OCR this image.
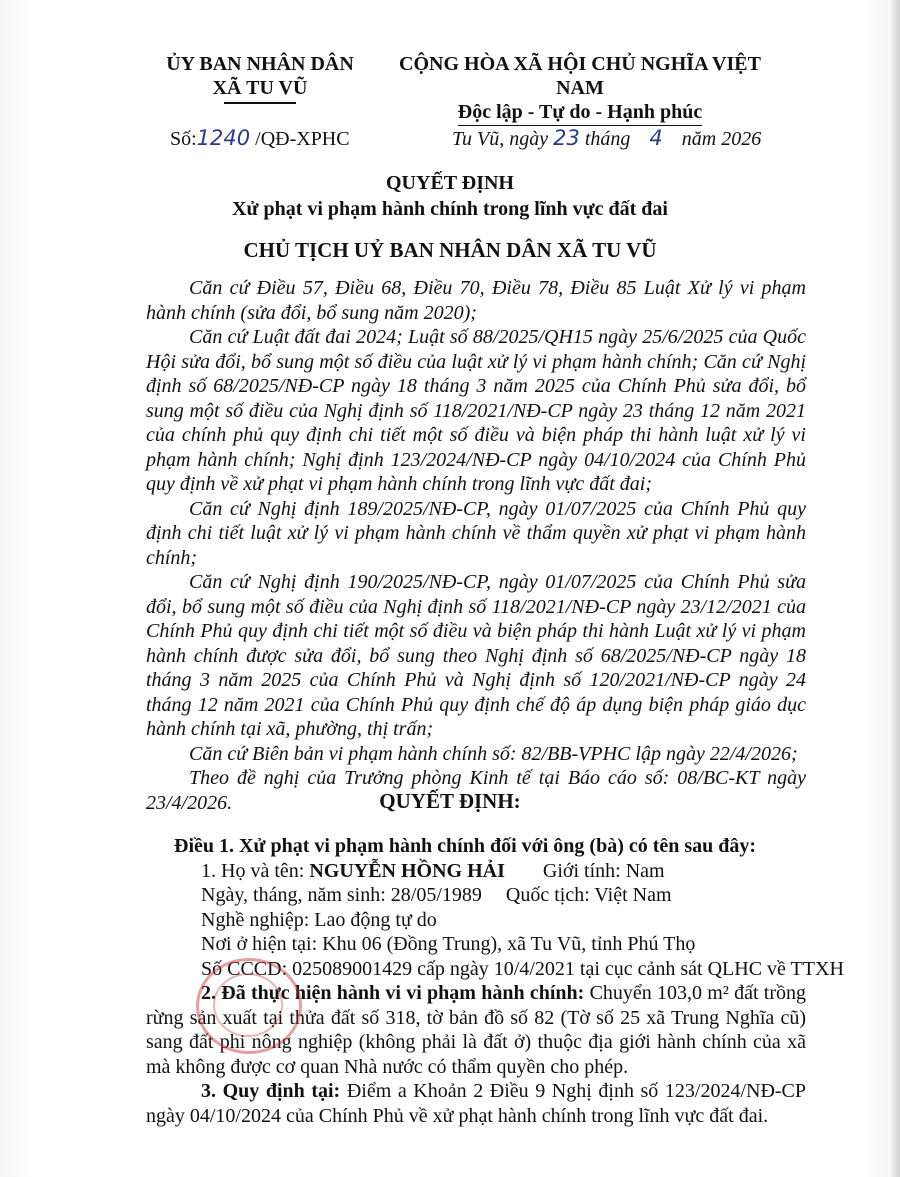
ỦY BAN NHÂN DÂN
XÃ TU VŨ
CỘNG HÒA XÃ HỘI CHỦ NGHĨA VIỆT NAM
Độc lập - Tự do - Hạnh phúc
Số:1240 /QĐ-XPHC	Tu Vũ, ngày 23 tháng 4 năm 2026
QUYẾT ĐỊNH
Xử phạt vi phạm hành chính trong lĩnh vực đất đai
CHỦ TỊCH UỶ BAN NHÂN DÂN XÃ TU VŨ

Căn cứ Điều 57, Điều 68, Điều 70, Điều 78, Điều 85 Luật Xử lý vi phạm hành chính (sửa đổi, bổ sung năm 2020);

Căn cứ Luật đất đai 2024; Luật số 88/2025/QH15 ngày 25/6/2025 của Quốc Hội sửa đổi, bổ sung một số điều của luật xử lý vi phạm hành chính; Căn cứ Nghị định số 68/2025/NĐ-CP ngày 18 tháng 3 năm 2025 của Chính Phủ sửa đổi, bổ sung một số điều của Nghị định số 118/2021/NĐ-CP ngày 23 tháng 12 năm 2021 của chính phủ quy định chi tiết một số điều và biện pháp thi hành luật xử lý vi phạm hành chính; Nghị định 123/2024/NĐ-CP ngày 04/10/2024 của Chính Phủ quy định về xử phạt vi phạm hành chính trong lĩnh vực đất đai;

Căn cứ Nghị định 189/2025/NĐ-CP, ngày 01/07/2025 của Chính Phủ quy định chi tiết luật xử lý vi phạm hành chính về thẩm quyền xử phạt vi phạm hành chính;

Căn cứ Nghị định 190/2025/NĐ-CP, ngày 01/07/2025 của Chính Phủ sửa đổi, bổ sung một số điều của Nghị định số 118/2021/NĐ-CP ngày 23/12/2021 của Chính Phủ quy định chi tiết một số điều và biện pháp thi hành Luật xử lý vi phạm hành chính được sửa đổi, bổ sung theo Nghị định số 68/2025/NĐ-CP ngày 18 tháng 3 năm 2025 của Chính Phủ và Nghị định số 120/2021/NĐ-CP ngày 24 tháng 12 năm 2021 của Chính Phủ quy định chế độ áp dụng biện pháp giáo dục hành chính tại xã, phường, thị trấn;

Căn cứ Biên bản vi phạm hành chính số: 82/BB-VPHC lập ngày 22/4/2026;

Theo đề nghị của Trưởng phòng Kinh tế tại Báo cáo số: 08/BC-KT ngày 23/4/2026.	QUYẾT ĐỊNH:
Điều 1. Xử phạt vi phạm hành chính đối với ông (bà) có tên sau đây:
1. Họ và tên: NGUYỄN HỒNG HẢI Giới tính: Nam
Ngày, tháng, năm sinh: 28/05/1989 Quốc tịch: Việt Nam
Nghề nghiệp: Lao động tự do
Nơi ở hiện tại: Khu 06 (Đồng Trung), xã Tu Vũ, tỉnh Phú Thọ
Số CCCD: 025089001429 cấp ngày 10/4/2021 tại cục cảnh sát QLHC về TTXH

2. Đã thực hiện hành vi vi phạm hành chính: Chuyển 103,0 m² đất trồng rừng sản xuất tại thửa đất số 318, tờ bản đồ số 82 (Tờ số 25 xã Trung Nghĩa cũ) sang đất phi nông nghiệp (không phải là đất ở) thuộc địa giới hành chính của xã mà không được cơ quan Nhà nước có thẩm quyền cho phép.

3. Quy định tại: Điểm a Khoản 2 Điều 9 Nghị định số 123/2024/NĐ-CP ngày 04/10/2024 của Chính Phủ về xử phạt hành chính trong lĩnh vực đất đai.
